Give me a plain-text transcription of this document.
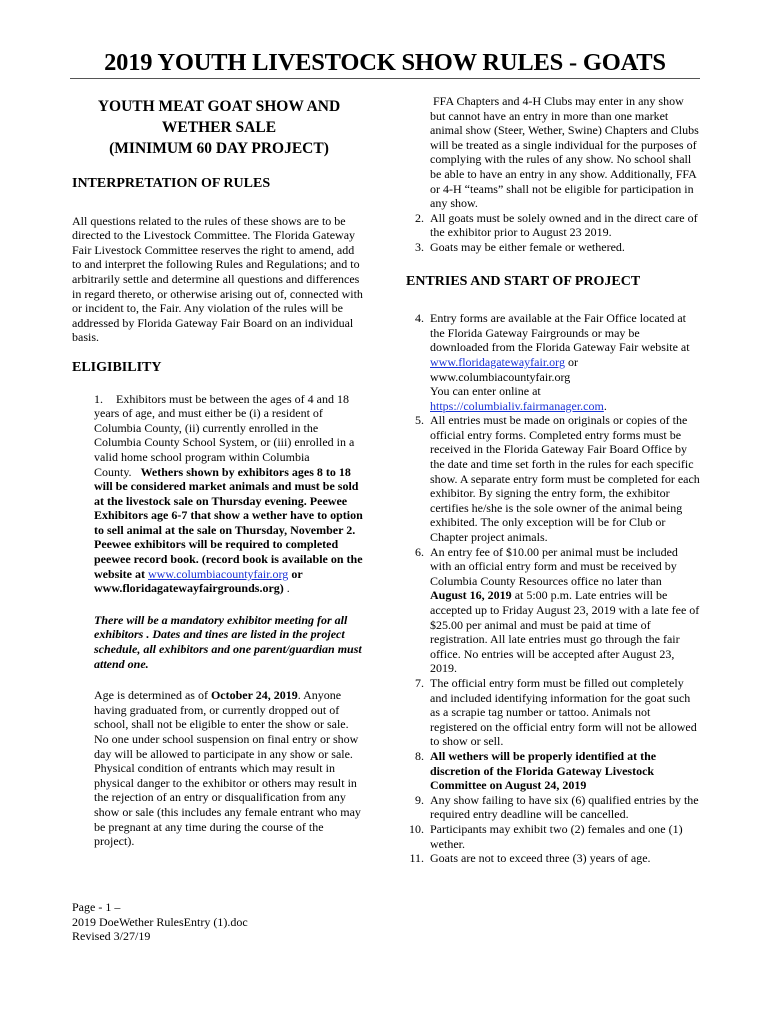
2019 YOUTH LIVESTOCK SHOW RULES - GOATS
YOUTH MEAT GOAT SHOW AND
WETHER SALE
(MINIMUM 60 DAY PROJECT)
INTERPRETATION OF RULES

All questions related to the rules of these shows are to be directed to the Livestock Committee. The Florida Gateway Fair Livestock Committee reserves the right to amend, add to and interpret the following Rules and Regulations; and to arbitrarily settle and determine all questions and differences in regard thereto, or otherwise arising out of, connected with or incident to, the Fair. Any violation of the rules will be addressed by Florida Gateway Fair Board on an individual basis.

ELIGIBILITY

1. Exhibitors must be between the ages of 4 and 18 years of age, and must either be (i) a resident of Columbia County, (ii) currently enrolled in the Columbia County School System, or (iii) enrolled in a valid home school program within Columbia County. Wethers shown by exhibitors ages 8 to 18 will be considered market animals and must be sold at the livestock sale on Thursday evening. Peewee Exhibitors age 6-7 that show a wether have to option to sell animal at the sale on Thursday, November 2. Peewee exhibitors will be required to completed peewee record book. (record book is available on the website at www.columbiacountyfair.org or www.floridagatewayfairgrounds.org) .

There will be a mandatory exhibitor meeting for all exhibitors . Dates and tines are listed in the project schedule, all exhibitors and one parent/guardian must attend one.

Age is determined as of October 24, 2019. Anyone having graduated from, or currently dropped out of school, shall not be eligible to enter the show or sale. No one under school suspension on final entry or show day will be allowed to participate in any show or sale. Physical condition of entrants which may result in physical danger to the exhibitor or others may result in the rejection of an entry or disqualification from any show or sale (this includes any female entrant who may be pregnant at any time during the course of the project).

FFA Chapters and 4-H Clubs may enter in any show but cannot have an entry in more than one market animal show (Steer, Wether, Swine) Chapters and Clubs will be treated as a single individual for the purposes of complying with the rules of any show. No school shall be able to have an entry in any show. Additionally, FFA or 4-H “teams” shall not be eligible for participation in any show.

2. All goats must be solely owned and in the direct care of the exhibitor prior to August 23 2019.
3. Goats may be either female or wethered.
ENTRIES AND START OF PROJECT
4. Entry forms are available at the Fair Office located at the Florida Gateway Fairgrounds or may be downloaded from the Florida Gateway Fair website at www.floridagatewayfair.org or www.columbiacountyfair.org
You can enter online at
https://columbialiv.fairmanager.com.
5. All entries must be made on originals or copies of the official entry forms. Completed entry forms must be received in the Florida Gateway Fair Board Office by the date and time set forth in the rules for each specific show. A separate entry form must be completed for each exhibitor. By signing the entry form, the exhibitor certifies he/she is the sole owner of the animal being exhibited. The only exception will be for Club or Chapter project animals.
6. An entry fee of $10.00 per animal must be included with an official entry form and must be received by Columbia County Resources office no later than August 16, 2019 at 5:00 p.m. Late entries will be accepted up to Friday August 23, 2019 with a late fee of $25.00 per animal and must be paid at time of registration. All late entries must go through the fair office. No entries will be accepted after August 23, 2019.
7. The official entry form must be filled out completely and included identifying information for the goat such as a scrapie tag number or tattoo. Animals not registered on the official entry form will not be allowed to show or sell.
8. All wethers will be properly identified at the discretion of the Florida Gateway Livestock Committee on August 24, 2019
9. Any show failing to have six (6) qualified entries by the required entry deadline will be cancelled.
10. Participants may exhibit two (2) females and one (1) wether.
11. Goats are not to exceed three (3) years of age.
Page - 1 –
2019 DoeWether RulesEntry (1).doc
Revised 3/27/19
